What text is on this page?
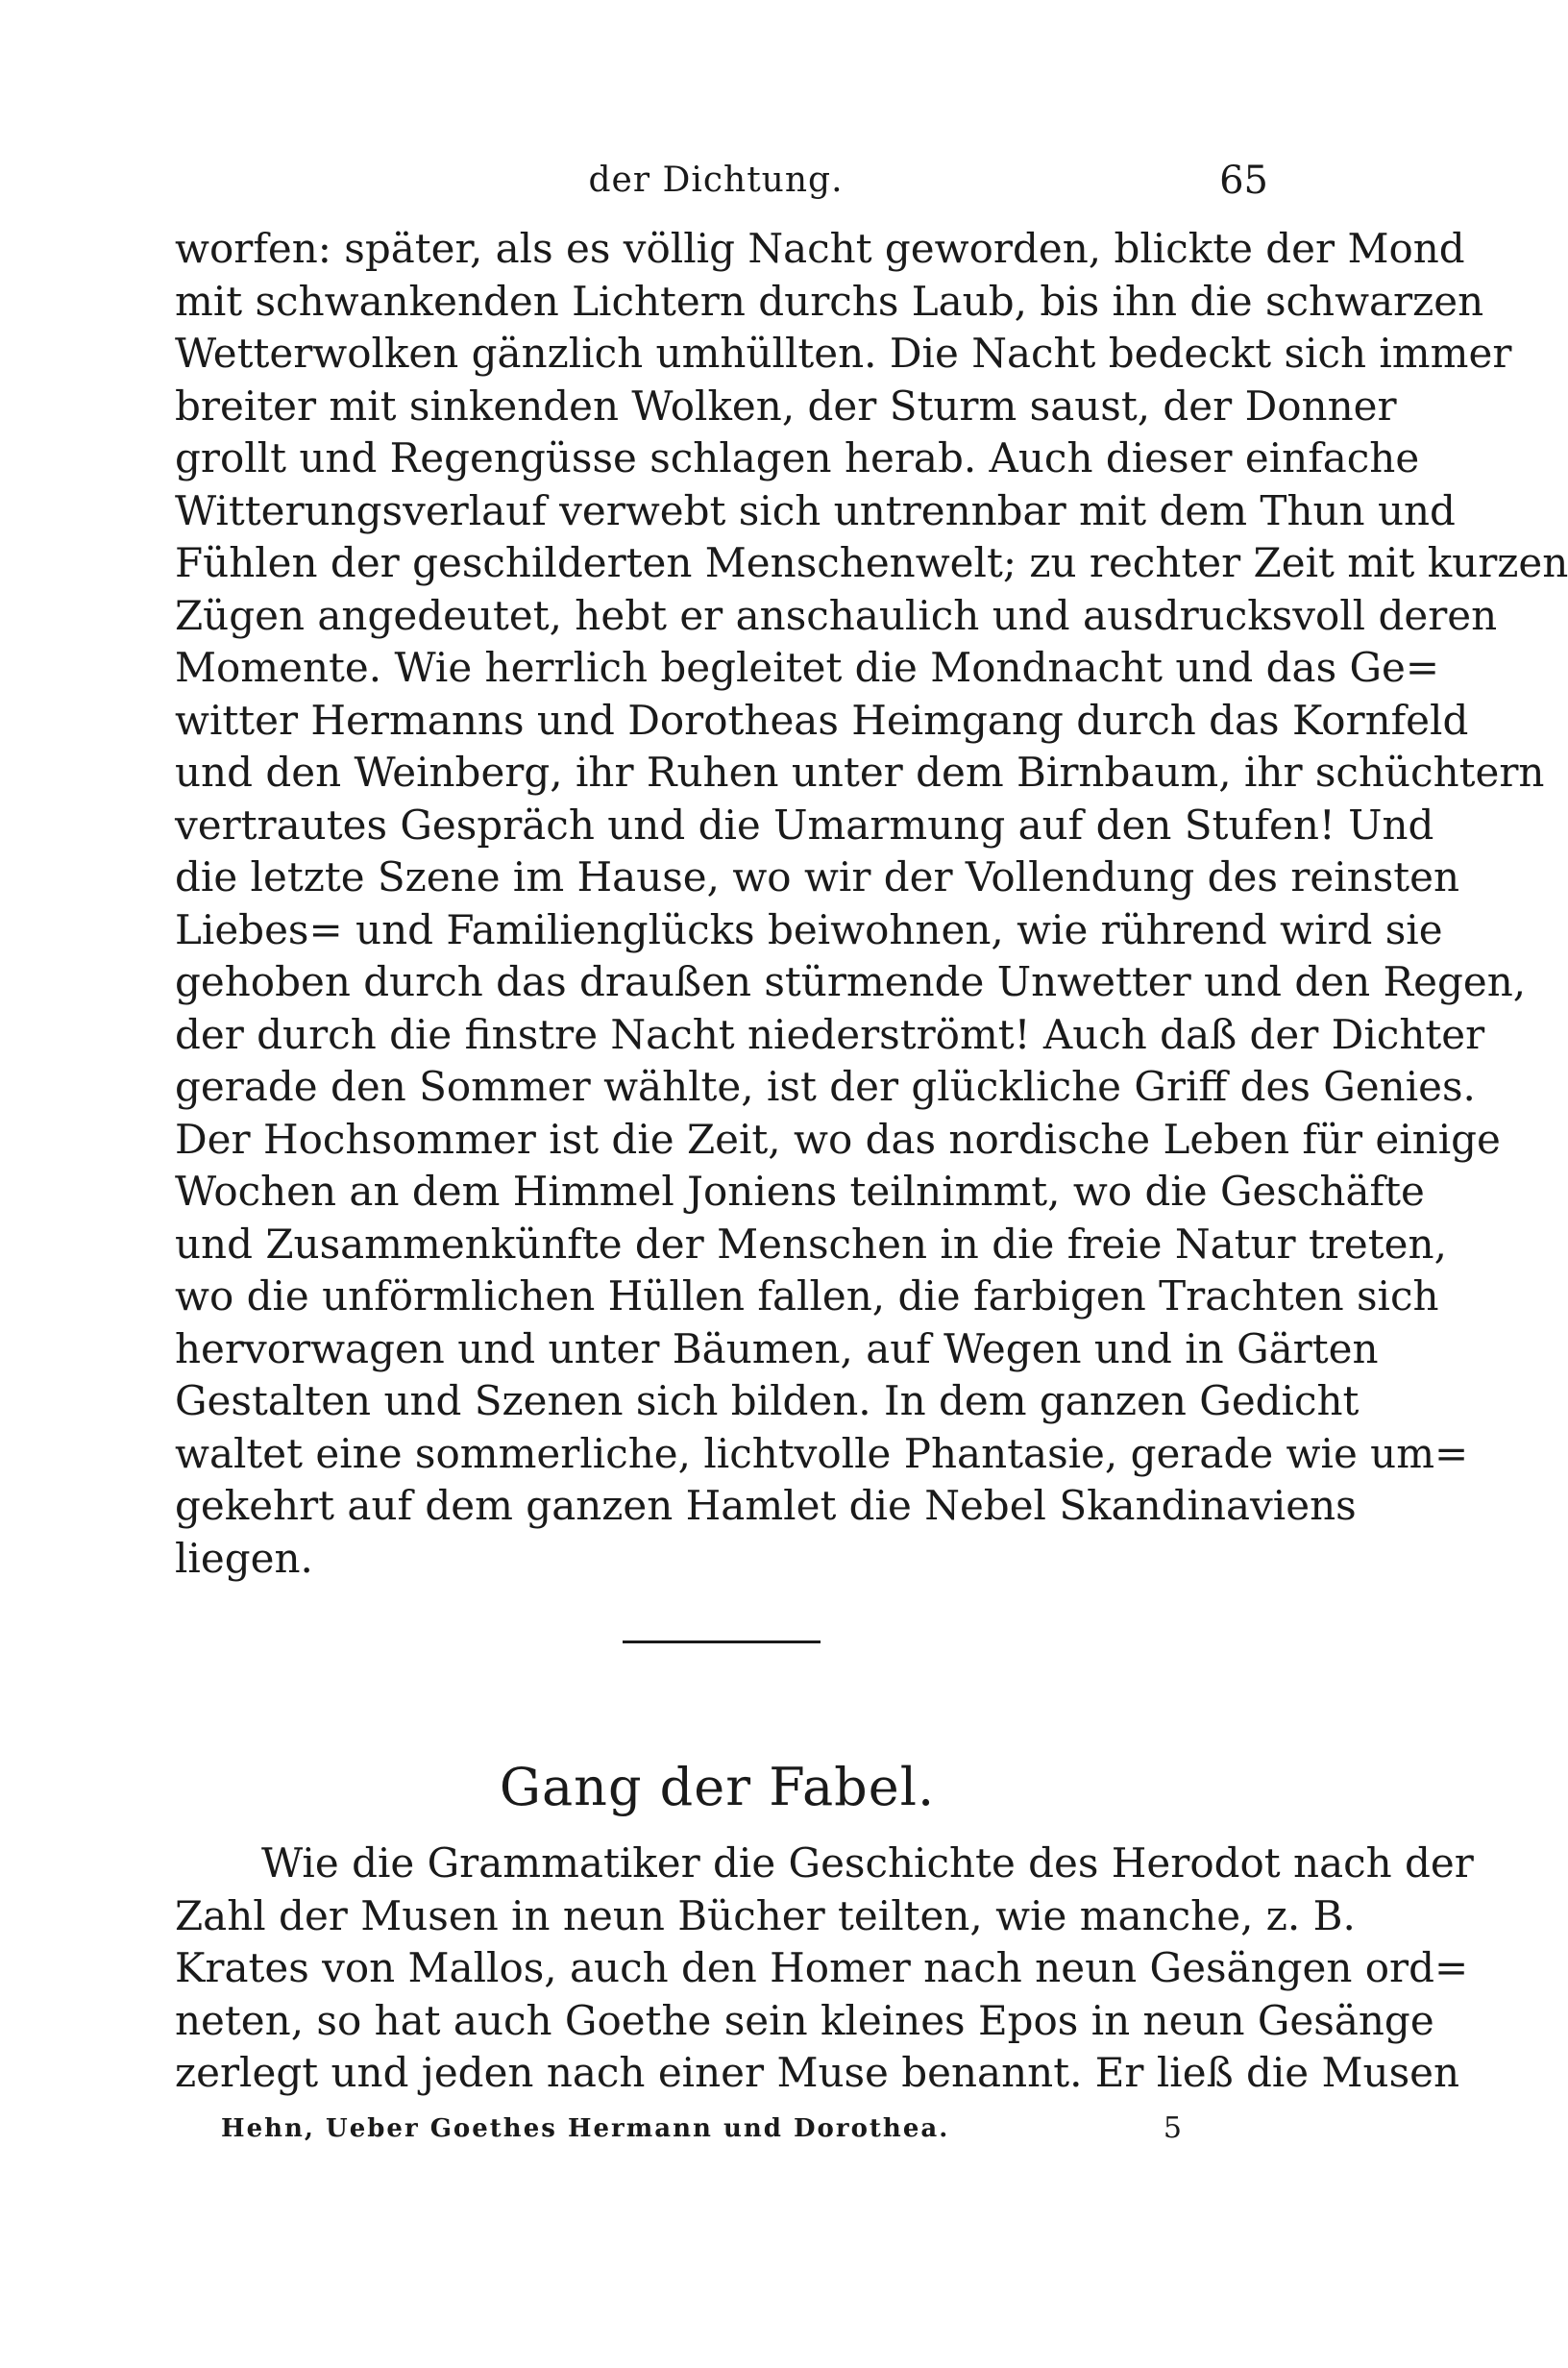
der Dichtung.	65
worfen: später, als es völlig Nacht geworden, blickte der Mond
mit schwankenden Lichtern durchs Laub, bis ihn die schwarzen
Wetterwolken gänzlich umhüllten. Die Nacht bedeckt sich immer
breiter mit sinkenden Wolken, der Sturm saust, der Donner
grollt und Regengüsse schlagen herab. Auch dieser einfache
Witterungsverlauf verwebt sich untrennbar mit dem Thun und
Fühlen der geschilderten Menschenwelt; zu rechter Zeit mit kurzen
Zügen angedeutet, hebt er anschaulich und ausdrucksvoll deren
Momente. Wie herrlich begleitet die Mondnacht und das Ge=
witter Hermanns und Dorotheas Heimgang durch das Kornfeld
und den Weinberg, ihr Ruhen unter dem Birnbaum, ihr schüchtern
vertrautes Gespräch und die Umarmung auf den Stufen! Und
die letzte Szene im Hause, wo wir der Vollendung des reinsten
Liebes= und Familienglücks beiwohnen, wie rührend wird sie
gehoben durch das draußen stürmende Unwetter und den Regen,
der durch die finstre Nacht niederströmt! Auch daß der Dichter
gerade den Sommer wählte, ist der glückliche Griff des Genies.
Der Hochsommer ist die Zeit, wo das nordische Leben für einige
Wochen an dem Himmel Joniens teilnimmt, wo die Geschäfte
und Zusammenkünfte der Menschen in die freie Natur treten,
wo die unförmlichen Hüllen fallen, die farbigen Trachten sich
hervorwagen und unter Bäumen, auf Wegen und in Gärten
Gestalten und Szenen sich bilden. In dem ganzen Gedicht
waltet eine sommerliche, lichtvolle Phantasie, gerade wie um=
gekehrt auf dem ganzen Hamlet die Nebel Skandinaviens
liegen.
Gang der Fabel.
Wie die Grammatiker die Geschichte des Herodot nach der
Zahl der Musen in neun Bücher teilten, wie manche, z. B.
Krates von Mallos, auch den Homer nach neun Gesängen ord=
neten, so hat auch Goethe sein kleines Epos in neun Gesänge
zerlegt und jeden nach einer Muse benannt. Er ließ die Musen
Hehn, Ueber Goethes Hermann und Dorothea.	5
